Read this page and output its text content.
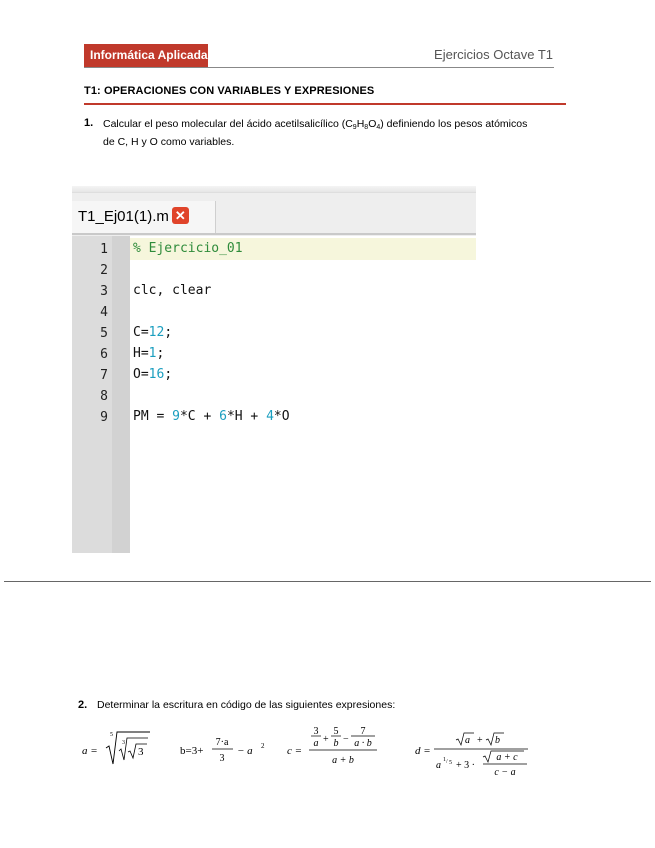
Informática Aplicada	Ejercicios Octave T1
T1: OPERACIONES CON VARIABLES Y EXPRESIONES
1. Calcular el peso molecular del ácido acetilsalicílico $(C_9H_8O_4)$ definiendo los pesos atómicos
de C, H y O como variables.
T1_Ej01(1).m ✕
1
2
3
4
5
6
7
8
9
% Ejercicio_01
clc, clear
C=12;
H=1;
O=16;
PM = 9*C + 6*H + 4*O
2. Determinar la escritura en código de las siguientes expresiones:
a =
5
3
3	b=3+
7·a
3
− a 2 c =
3
a +
5
b −
7
a · b
a + b
d =
a + b
a 1 / 5 + 3 ·
a + c
c − a
